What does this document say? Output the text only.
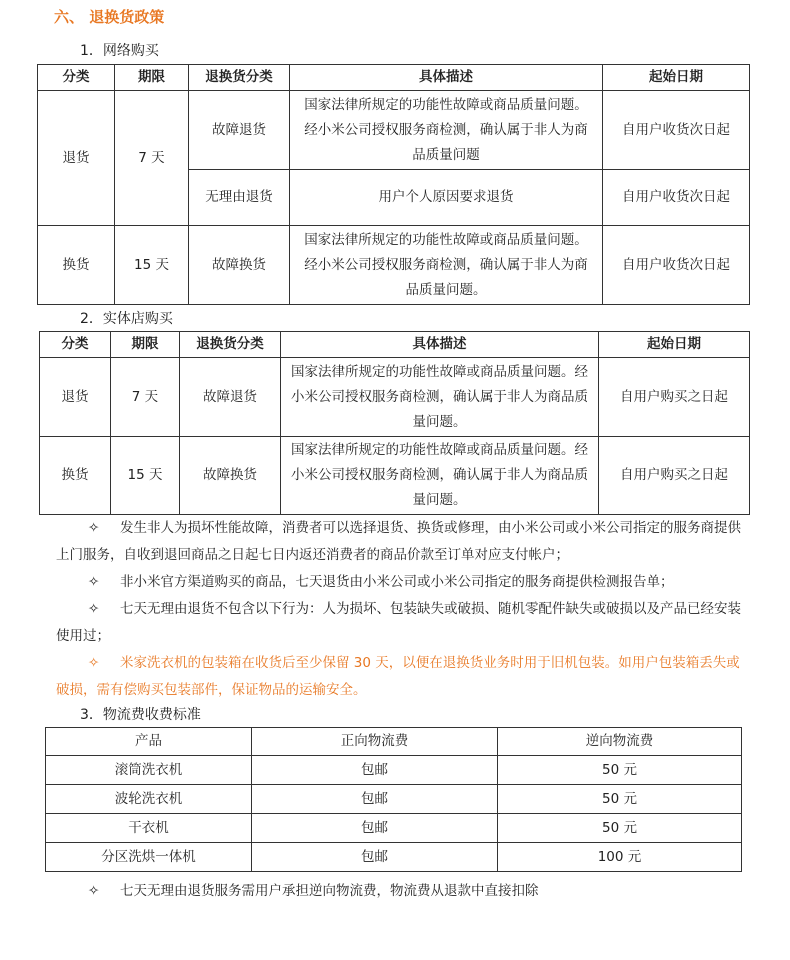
六、 退换货政策
1．网络购买
分类	期限	退换货分类	具体描述	起始日期
退货	7 天	故障退货	国家法律所规定的功能性故障或商品质量问题。经小米公司授权服务商检测，确认属于非人为商品质量问题	自用户收货次日起
		无理由退货	用户个人原因要求退货	自用户收货次日起
换货	15 天	故障换货	国家法律所规定的功能性故障或商品质量问题。经小米公司授权服务商检测，确认属于非人为商品质量问题。	自用户收货次日起
2．实体店购买
分类	期限	退换货分类	具体描述	起始日期
退货	7 天	故障退货	国家法律所规定的功能性故障或商品质量问题。经小米公司授权服务商检测，确认属于非人为商品质量问题。	自用户购买之日起
换货	15 天	故障换货	国家法律所规定的功能性故障或商品质量问题。经小米公司授权服务商检测，确认属于非人为商品质量问题。	自用户购买之日起
✧	发生非人为损坏性能故障，消费者可以选择退货、换货或修理，由小米公司或小米公司指定的服务商提供上门服务，自收到退回商品之日起七日内返还消费者的商品价款至订单对应支付帐户；
✧	非小米官方渠道购买的商品，七天退货由小米公司或小米公司指定的服务商提供检测报告单；
✧	七天无理由退货不包含以下行为：人为损坏、包装缺失或破损、随机零配件缺失或破损以及产品已经安装使用过；
✧	米家洗衣机的包装箱在收货后至少保留 30 天，以便在退换货业务时用于旧机包装。如用户包装箱丢失或破损，需有偿购买包装部件，保证物品的运输安全。
3．物流费收费标准
产品	正向物流费	逆向物流费
滚筒洗衣机	包邮	50 元
波轮洗衣机	包邮	50 元
干衣机	包邮	50 元
分区洗烘一体机	包邮	100 元
✧	七天无理由退货服务需用户承担逆向物流费，物流费从退款中直接扣除
